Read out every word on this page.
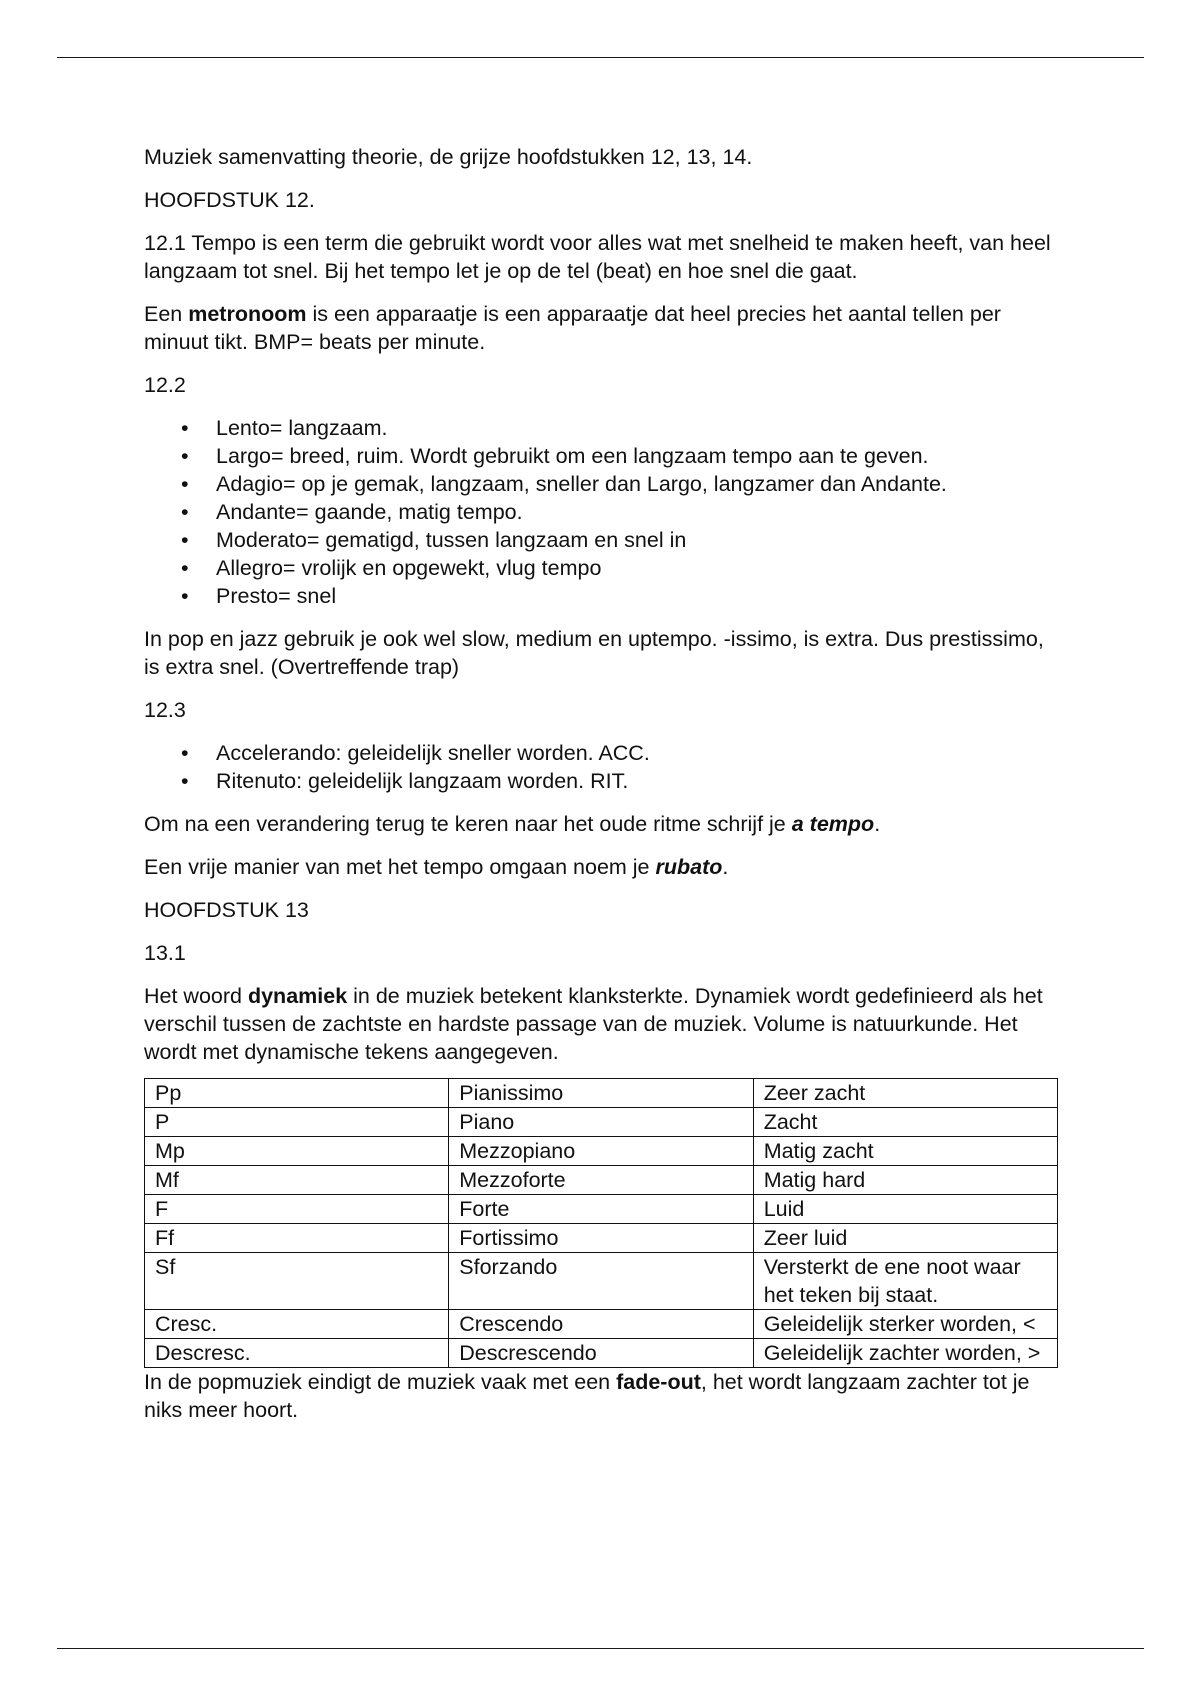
Muziek samenvatting theorie, de grijze hoofdstukken 12, 13, 14.

HOOFDSTUK 12.

12.1 Tempo is een term die gebruikt wordt voor alles wat met snelheid te maken heeft, van heel langzaam tot snel. Bij het tempo let je op de tel (beat) en hoe snel die gaat.

Een metronoom is een apparaatje is een apparaatje dat heel precies het aantal tellen per minuut tikt. BMP= beats per minute.

12.2

• Lento= langzaam.
• Largo= breed, ruim. Wordt gebruikt om een langzaam tempo aan te geven.
• Adagio= op je gemak, langzaam, sneller dan Largo, langzamer dan Andante.
• Andante= gaande, matig tempo.
• Moderato= gematigd, tussen langzaam en snel in
• Allegro= vrolijk en opgewekt, vlug tempo
• Presto= snel

In pop en jazz gebruik je ook wel slow, medium en uptempo. -issimo, is extra. Dus prestissimo, is extra snel. (Overtreffende trap)

12.3

• Accelerando: geleidelijk sneller worden. ACC.
• Ritenuto: geleidelijk langzaam worden. RIT.

Om na een verandering terug te keren naar het oude ritme schrijf je a tempo.

Een vrije manier van met het tempo omgaan noem je rubato.

HOOFDSTUK 13

13.1

Het woord dynamiek in de muziek betekent klanksterkte. Dynamiek wordt gedefinieerd als het verschil tussen de zachtste en hardste passage van de muziek. Volume is natuurkunde. Het wordt met dynamische tekens aangegeven.

Pp	Pianissimo	Zeer zacht
P	Piano	Zacht
Mp	Mezzopiano	Matig zacht
Mf	Mezzoforte	Matig hard
F	Forte	Luid
Ff	Fortissimo	Zeer luid
Sf	Sforzando	Versterkt de ene noot waar het teken bij staat.
Cresc.	Crescendo	Geleidelijk sterker worden, <
Descresc.	Descrescendo	Geleidelijk zachter worden, >

In de popmuziek eindigt de muziek vaak met een fade-out, het wordt langzaam zachter tot je niks meer hoort.
